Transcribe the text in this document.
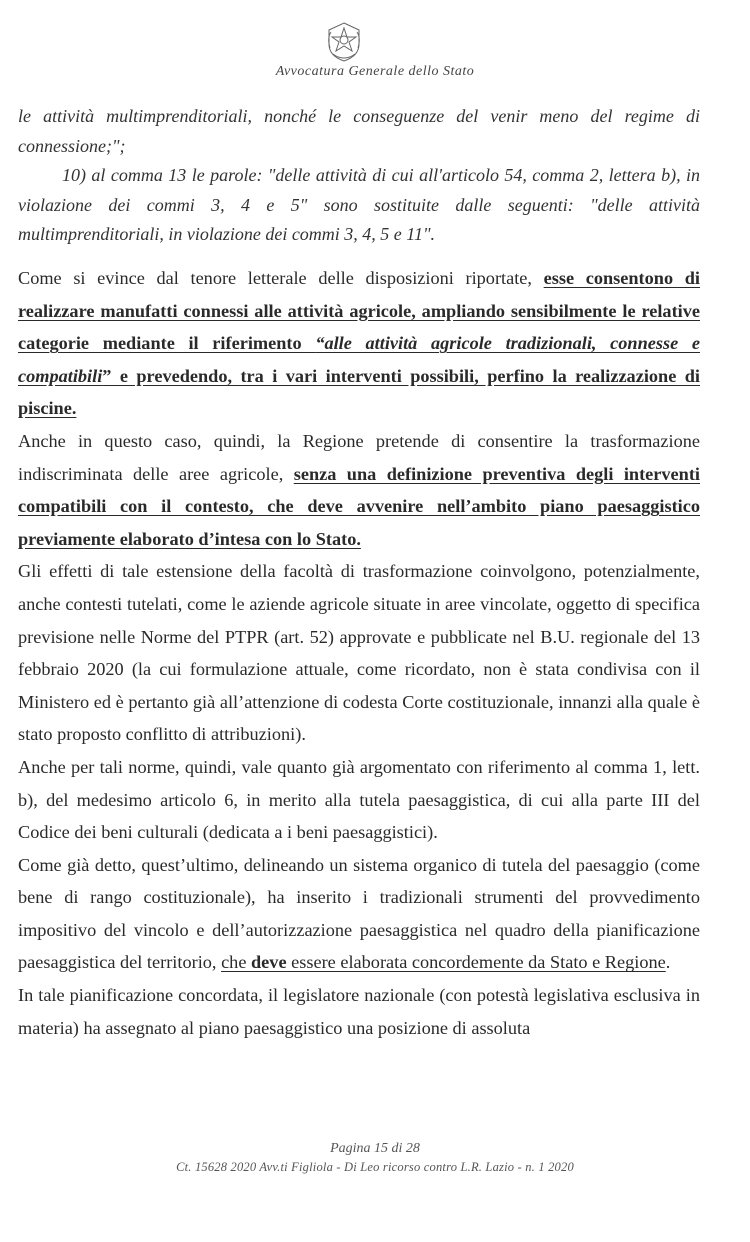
Avvocatura Generale dello Stato

le attività multimprenditoriali, nonché le conseguenze del venir meno del regime di connessione;";

10) al comma 13 le parole: "delle attività di cui all'articolo 54, comma 2, lettera b), in violazione dei commi 3, 4 e 5" sono sostituite dalle seguenti: "delle attività multimprenditoriali, in violazione dei commi 3, 4, 5 e 11".

Come si evince dal tenore letterale delle disposizioni riportate, esse consentono di realizzare manufatti connessi alle attività agricole, ampliando sensibilmente le relative categorie mediante il riferimento “alle attività agricole tradizionali, connesse e compatibili” e prevedendo, tra i vari interventi possibili, perfino la realizzazione di piscine.

Anche in questo caso, quindi, la Regione pretende di consentire la trasformazione indiscriminata delle aree agricole, senza una definizione preventiva degli interventi compatibili con il contesto, che deve avvenire nell’ambito piano paesaggistico previamente elaborato d’intesa con lo Stato.

Gli effetti di tale estensione della facoltà di trasformazione coinvolgono, potenzialmente, anche contesti tutelati, come le aziende agricole situate in aree vincolate, oggetto di specifica previsione nelle Norme del PTPR (art. 52) approvate e pubblicate nel B.U. regionale del 13 febbraio 2020 (la cui formulazione attuale, come ricordato, non è stata condivisa con il Ministero ed è pertanto già all’attenzione di codesta Corte costituzionale, innanzi alla quale è stato proposto conflitto di attribuzioni).

Anche per tali norme, quindi, vale quanto già argomentato con riferimento al comma 1, lett. b), del medesimo articolo 6, in merito alla tutela paesaggistica, di cui alla parte III del Codice dei beni culturali (dedicata a i beni paesaggistici).

Come già detto, quest’ultimo, delineando un sistema organico di tutela del paesaggio (come bene di rango costituzionale), ha inserito i tradizionali strumenti del provvedimento impositivo del vincolo e dell’autorizzazione paesaggistica nel quadro della pianificazione paesaggistica del territorio, che deve essere elaborata concordemente da Stato e Regione.

In tale pianificazione concordata, il legislatore nazionale (con potestà legislativa esclusiva in materia) ha assegnato al piano paesaggistico una posizione di assoluta

Pagina 15 di 28
Ct. 15628 2020 Avv.ti Figliola - Di Leo ricorso contro L.R. Lazio - n. 1 2020
